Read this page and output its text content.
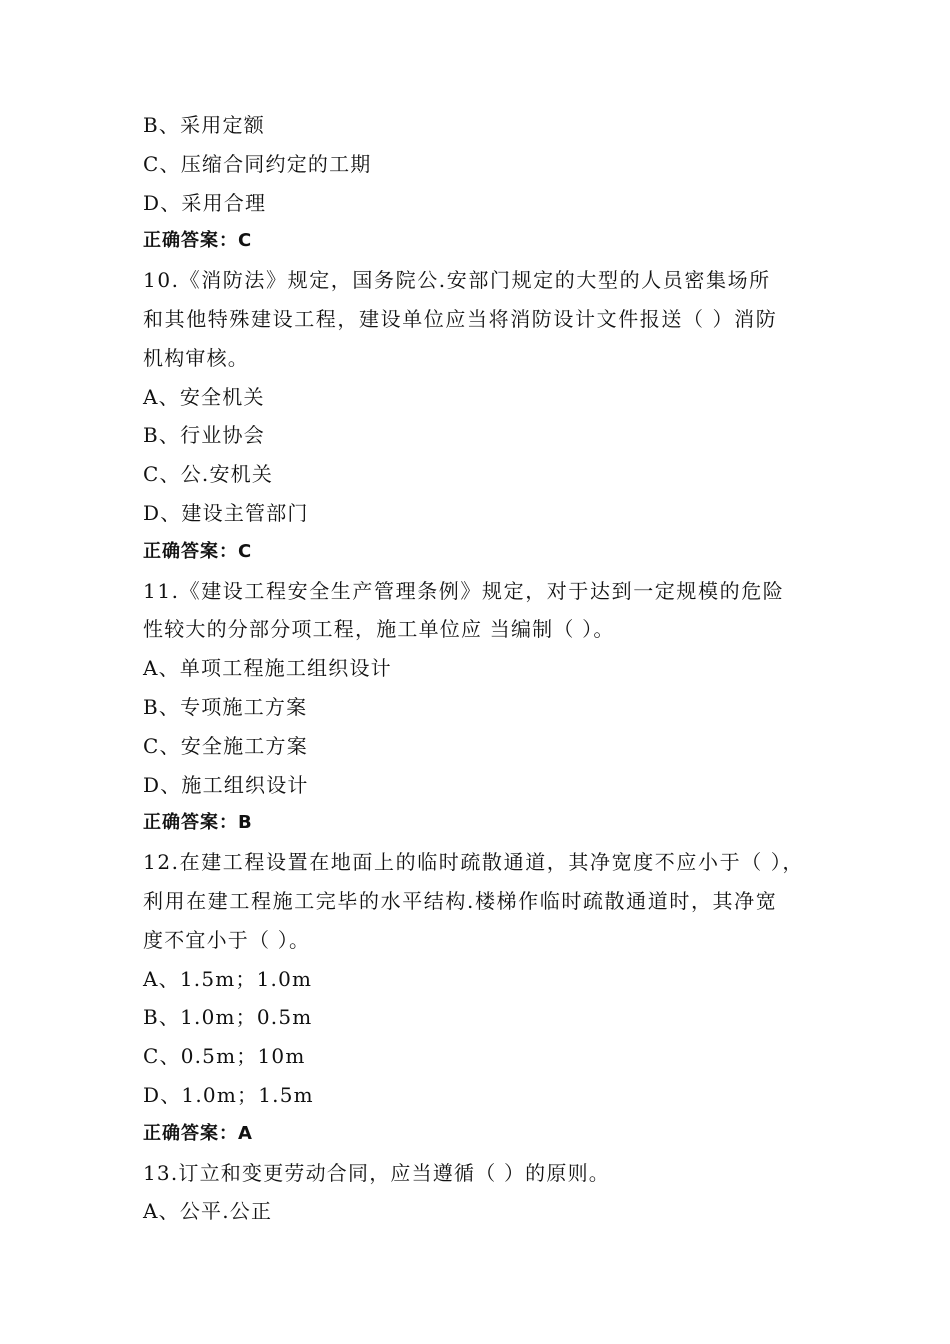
B、采用定额
C、压缩合同约定的工期
D、采用合理
正确答案：C
10.《消防法》规定，国务院公.安部门规定的大型的人员密集场所
和其他特殊建设工程，建设单位应当将消防设计文件报送（ ）消防
机构审核。
A、安全机关
B、行业协会
C、公.安机关
D、建设主管部门
正确答案：C
11.《建设工程安全生产管理条例》规定，对于达到一定规模的危险
性较大的分部分项工程，施工单位应 当编制（ ）。
A、单项工程施工组织设计
B、专项施工方案
C、安全施工方案
D、施工组织设计
正确答案：B
12.在建工程设置在地面上的临时疏散通道，其净宽度不应小于（ ），
利用在建工程施工完毕的水平结构.楼梯作临时疏散通道时，其净宽
度不宜小于（ ）。
A、1.5m；1.0m
B、1.0m；0.5m
C、0.5m；10m
D、1.0m；1.5m
正确答案：A
13.订立和变更劳动合同，应当遵循（ ）的原则。
A、公平.公正
